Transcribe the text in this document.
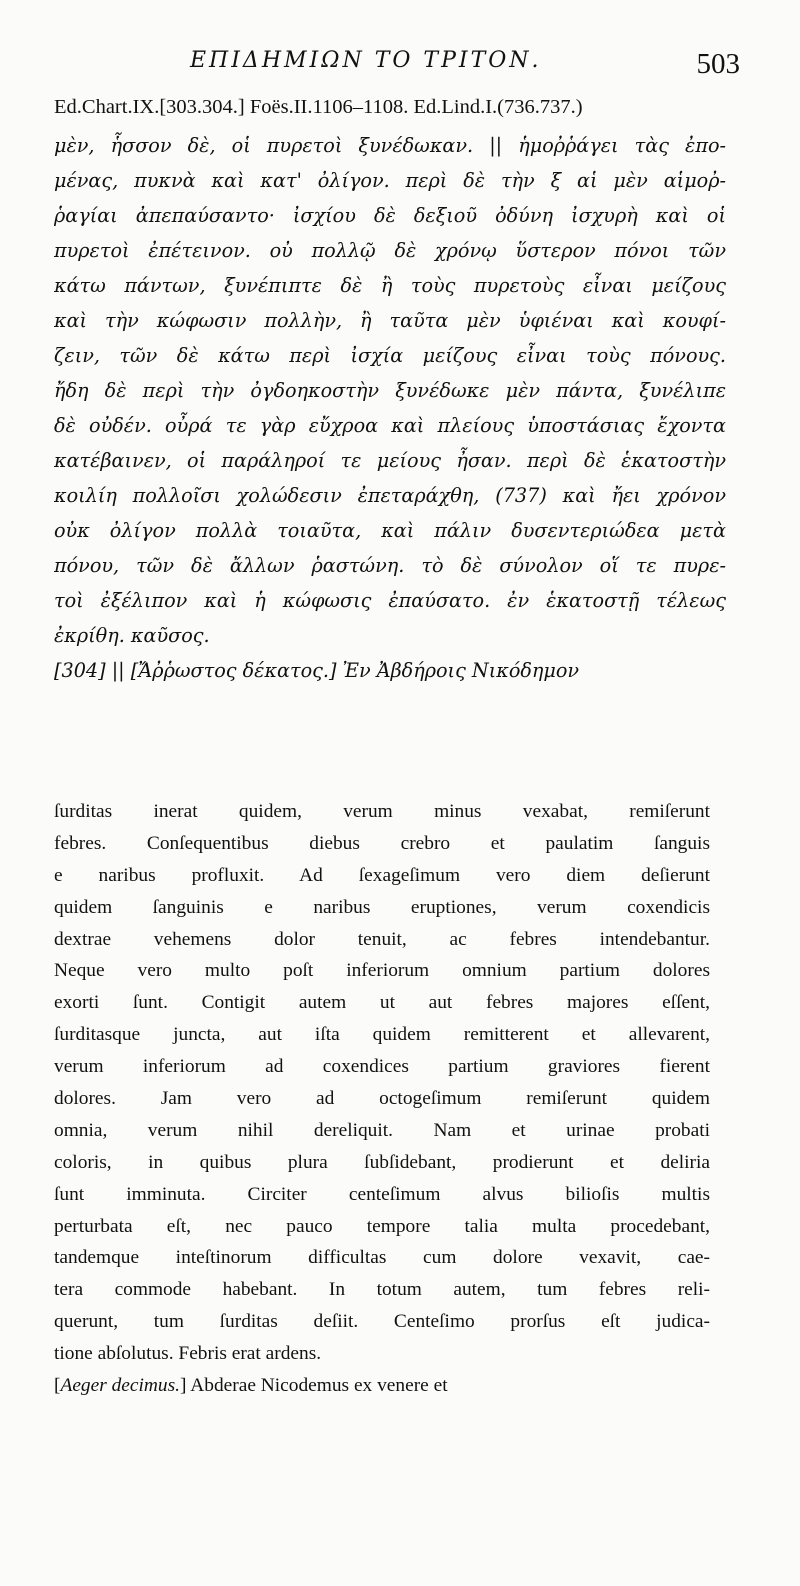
ΕΠΙΔΗΜΙΩΝ ΤΟ ΤΡΙΤΟΝ.	503
Ed.Chart.IX.[303.304.] Foës.II.1106–1108. Ed.Lind.I.(736.737.)
μὲν, ἧσσον δὲ, οἱ πυρετοὶ ξυνέδωκαν. || ἡμοῤῥάγει τὰς ἐπο-
μένας, πυκνὰ καὶ κατ' ὀλίγον. περὶ δὲ τὴν ξ αἱ μὲν αἱμοῤ-
ῥαγίαι ἀπεπαύσαντο· ἰσχίου δὲ δεξιοῦ ὀδύνη ἰσχυρὴ καὶ οἱ
πυρετοὶ ἐπέτεινον. οὐ πολλῷ δὲ χρόνῳ ὕστερον πόνοι τῶν
κάτω πάντων, ξυνέπιπτε δὲ ἢ τοὺς πυρετοὺς εἶναι μείζους
καὶ τὴν κώφωσιν πολλὴν, ἢ ταῦτα μὲν ὑφιέναι καὶ κουφί-
ζειν, τῶν δὲ κάτω περὶ ἰσχία μείζους εἶναι τοὺς πόνους.
ἤδη δὲ περὶ τὴν ὀγδοηκοστὴν ξυνέδωκε μὲν πάντα, ξυνέλιπε
δὲ οὐδέν. οὖρά τε γὰρ εὔχροα καὶ πλείους ὑποστάσιας ἔχοντα
κατέβαινεν, οἱ παράληροί τε μείους ἦσαν. περὶ δὲ ἑκατοστὴν
κοιλίη πολλοῖσι χολώδεσιν ἐπεταράχθη, (737) καὶ ἤει χρόνον
οὐκ ὀλίγον πολλὰ τοιαῦτα, καὶ πάλιν δυσεντεριώδεα μετὰ
πόνου, τῶν δὲ ἄλλων ῥαστώνη. τὸ δὲ σύνολον οἵ τε πυρε-
τοὶ ἐξέλιπον καὶ ἡ κώφωσις ἐπαύσατο. ἐν ἑκατοστῇ τέλεως
ἐκρίθη. καῦσος.
[304] || [Ἄῤῥωστος δέκατος.] Ἐν Ἀβδήροις Νικόδημον
ſurditas inerat quidem, verum minus vexabat, remiſerunt
febres. Conſequentibus diebus crebro et paulatim ſanguis
e naribus profluxit. Ad ſexageſimum vero diem deſierunt
quidem ſanguinis e naribus eruptiones, verum coxendicis
dextrae vehemens dolor tenuit, ac febres intendebantur.
Neque vero multo poſt inferiorum omnium partium dolores
exorti ſunt. Contigit autem ut aut febres majores eſſent,
ſurditasque juncta, aut iſta quidem remitterent et allevarent,
verum inferiorum ad coxendices partium graviores fierent
dolores. Jam vero ad octogeſimum remiſerunt quidem
omnia, verum nihil dereliquit. Nam et urinae probati
coloris, in quibus plura ſubſidebant, prodierunt et deliria
ſunt imminuta. Circiter centeſimum alvus bilioſis multis
perturbata eſt, nec pauco tempore talia multa procedebant,
tandemque inteſtinorum difficultas cum dolore vexavit, cae-
tera commode habebant. In totum autem, tum febres reli-
querunt, tum ſurditas deſiit. Centeſimo prorſus eſt judica-
tione abſolutus. Febris erat ardens.
[Aeger decimus.] Abderae Nicodemus ex venere et
